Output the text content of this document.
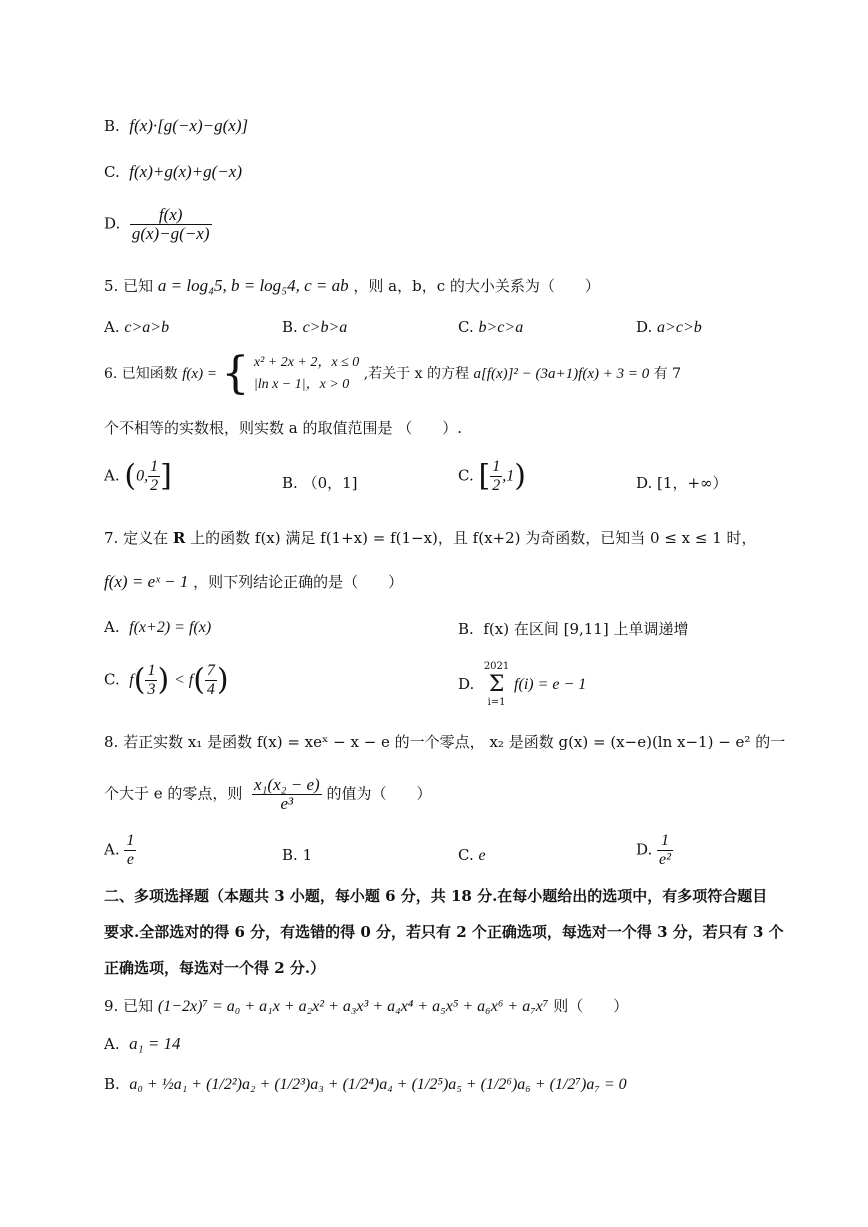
B. f(x)·[g(−x)−g(x)]
C. f(x)+g(x)+g(−x)
D. $\frac{f(x)}{g(x)-g(-x)}$
5. 已知 a = log₄5, b = log₅4, c = ab ，则 a，b，c 的大小关系为（　　）
A. c>a>b	B. c>b>a	C. b>c>a	D. a>c>b
6. 已知函数 f(x) = { x² + 2x + 2，x ≤ 0
|ln x − 1|，x > 0
,若关于 x 的方程 a[f(x)]² − (3a+1)f(x) + 3 = 0 有 7
个不相等的实数根，则实数 a 的取值范围是 （　　）.
A. (0, $\frac{1}{2}$ ]	B. （0，1]	C. [ $\frac{1}{2} ,1$)	D. [1，+∞）
7. 定义在 R 上的函数 f(x) 满足 f(1+x) = f(1−x)，且 f(x+2) 为奇函数，已知当 0 ≤ x ≤ 1 时，
f(x) = eˣ − 1 ，则下列结论正确的是（　　）
A. f(x+2) = f(x)	B. f(x) 在区间 [9,11] 上单调递增
C. $f( \frac{1}{3}$ ) < $f( \frac{7}{4}$ )	D.
2021
Σ
i=1
f(i) = e − 1
8. 若正实数 x₁ 是函数 f(x) = xeˣ − x − e 的一个零点， x₂ 是函数 g(x) = (x−e)(ln x−1) − e² 的一
个大于 e 的零点，则 $\frac{\text{x₁(x₂ − e)}}{\text{e³}}$ 的值为（　　）
A. $\frac{1}{e}$	B. 1	C. e	D. $\frac{1}{\text{e²}}$
二、多项选择题（本题共 3 小题，每小题 6 分，共 18 分.在每小题给出的选项中，有多项符合题目
要求.全部选对的得 6 分，有选错的得 0 分，若只有 2 个正确选项，每选对一个得 3 分，若只有 3 个
正确选项，每选对一个得 2 分.）
9. 已知 (1−2x)⁷ = a₀ + a₁x + a₂x² + a₃x³ + a₄x⁴ + a₅x⁵ + a₆x⁶ + a₇x⁷ 则（　　）
A. a₁ = 14
B. a₀ + ½a₁ + (1/2²)a₂ + (1/2³)a₃ + (1/2⁴)a₄ + (1/2⁵)a₅ + (1/2⁶)a₆ + (1/2⁷)a₇ = 0
